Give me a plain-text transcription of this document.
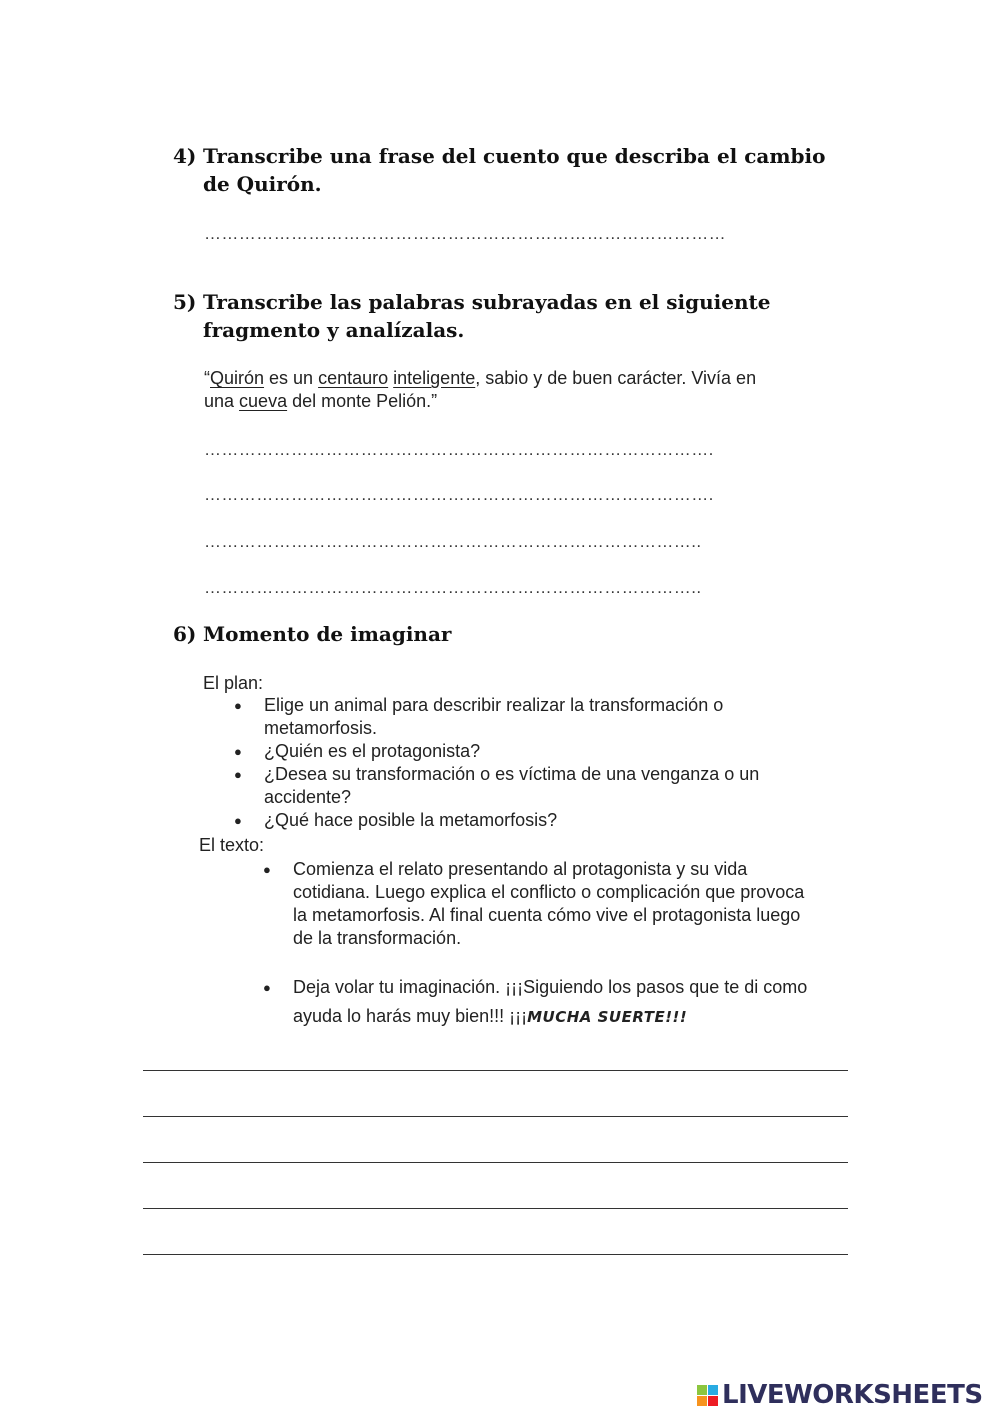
4) Transcribe una frase del cuento que describa el cambio
de Quirón.
………………………………………………………………………………
5) Transcribe las palabras subrayadas en el siguiente
fragmento y analízalas.
“Quirón es un centauro inteligente, sabio y de buen carácter. Vivía en
una cueva del monte Pelión.”
…………………………………………………………………………….
…………………………………………………………………………….
…………………………………………………………………………..
…………………………………………………………………………..
6) Momento de imaginar
El plan:
● Elige un animal para describir realizar la transformación o metamorfosis.
● ¿Quién es el protagonista?
● ¿Desea su transformación o es víctima de una venganza o un accidente?
● ¿Qué hace posible la metamorfosis?
El texto:
● Comienza el relato presentando al protagonista y su vida cotidiana. Luego explica el conflicto o complicación que provoca la metamorfosis. Al final cuenta cómo vive el protagonista luego de la transformación.
● Deja volar tu imaginación. ¡¡¡Siguiendo los pasos que te di como ayuda lo harás muy bien!!! ¡¡¡MUCHA SUERTE!!!
LIVEWORKSHEETS
